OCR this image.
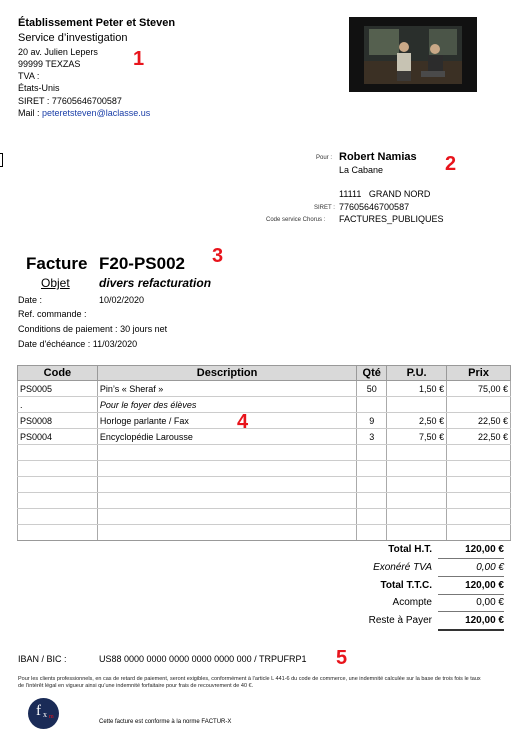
Établissement Peter et Steven
Service d’investigation
20 av. Julien Lepers
99999 TEXZAS
TVA :
États-Unis
SIRET : 77605646700587
Mail : peteretsteven@laclasse.us
1
Pour : Robert Namias
La Cabane
11111 GRAND NORD
SIRET : 77605646700587
Code service Chorus : FACTURES_PUBLIQUES
2
Facture F20-PS002 3
Objet divers refacturation
Date :	10/02/2020
Ref. commande :
Conditions de paiement : 30 jours net
Date d'échéance : 11/03/2020
Code	Description	Qté	P.U.	Prix
PS0005	Pin’s « Sheraf »	50	1,50 €	75,00 €
.	Pour le foyer des élèves			
PS0008	Horloge parlante / Fax	9	2,50 €	22,50 €
PS0004	Encyclopédie Larousse	3	7,50 €	22,50 €

4
Total H.T.	120,00 €
Exonéré TVA	0,00 €
Total T.T.C.	120,00 €
Acompte	0,00 €
Reste à Payer	120,00 €
IBAN / BIC :	US88 0000 0000 0000 0000 0000 000 / TRPUFRP1 5
Pour les clients professionnels, en cas de retard de paiement, seront exigibles, conformément à l’article L 441-6 du code de commerce, une indemnité calculée sur la base de trois fois le taux de l’intérêt légal en vigueur ainsi qu’une indemnité forfaitaire pour frais de recouvrement de 40 €.
f x m
Cette facture est conforme à la norme FACTUR-X
